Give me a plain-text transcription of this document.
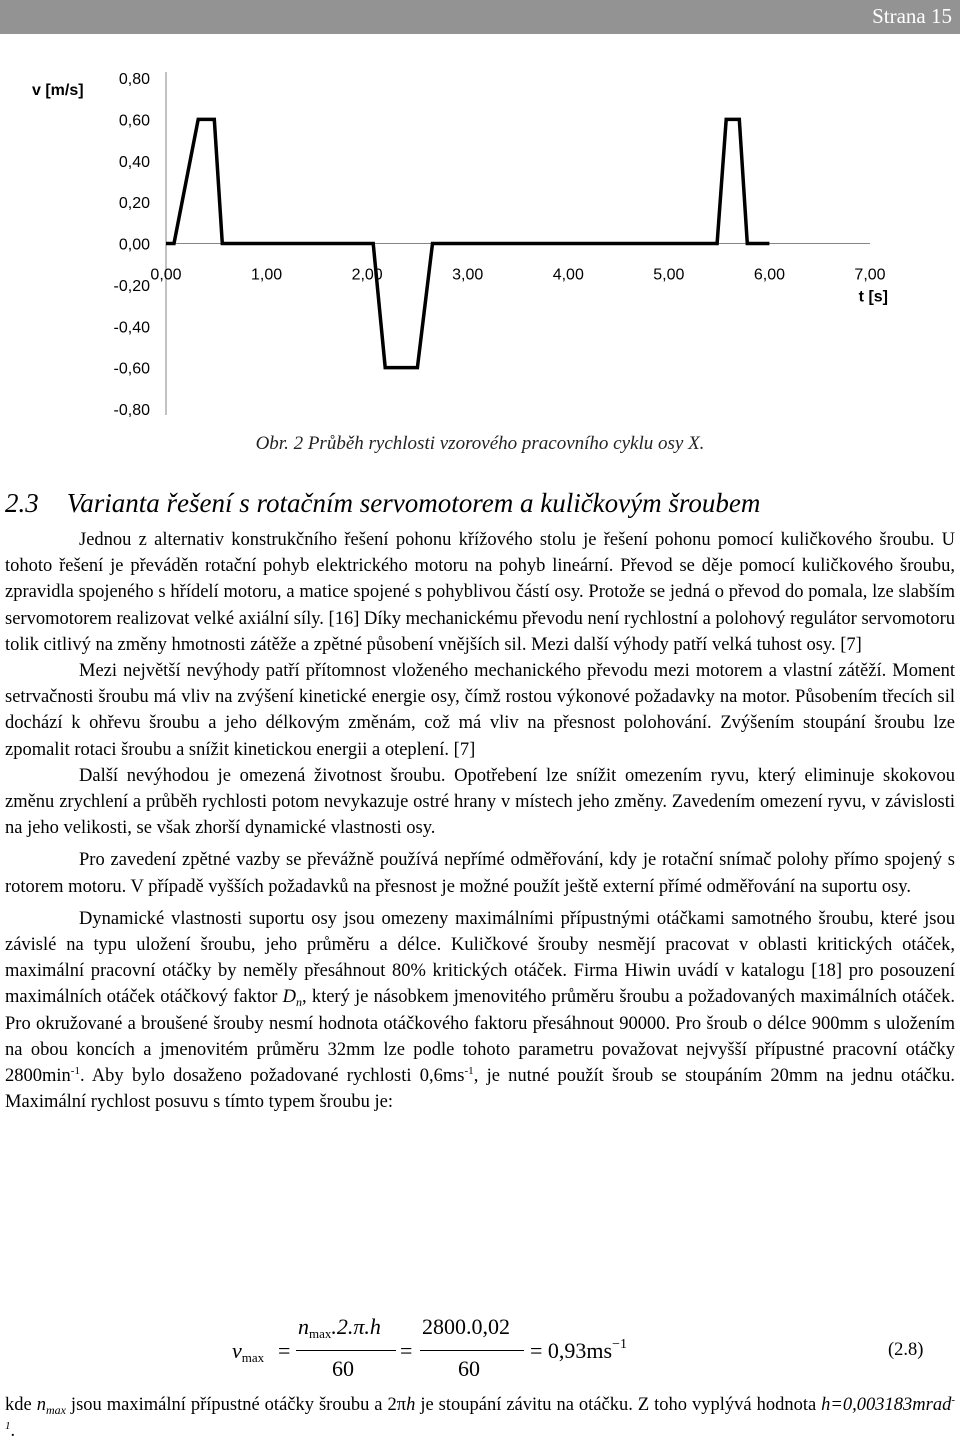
Strana 15
0,80
0,60
0,40
0,20
0,00
-0,20
-0,40
-0,60
-0,80
0,00	1,00	2,00	3,00	4,00	5,00	6,00	7,00
v [m/s]
t [s]
Obr. 2 Průběh rychlosti vzorového pracovního cyklu osy X.
2.3 Varianta řešení s rotačním servomotorem a kuličkovým šroubem

Jednou z alternativ konstrukčního řešení pohonu křížového stolu je řešení pohonu pomocí kuličkového šroubu. U tohoto řešení je převáděn rotační pohyb elektrického motoru na pohyb lineární. Převod se děje pomocí kuličkového šroubu, zpravidla spojeného s hřídelí motoru, a matice spojené s pohyblivou částí osy. Protože se jedná o převod do pomala, lze slabším servomotorem realizovat velké axiální síly. [16] Díky mechanickému převodu není rychlostní a polohový regulátor servomotoru tolik citlivý na změny hmotnosti zátěže a zpětné působení vnějších sil. Mezi další výhody patří velká tuhost osy. [7]

Mezi největší nevýhody patří přítomnost vloženého mechanického převodu mezi motorem a vlastní zátěží. Moment setrvačnosti šroubu má vliv na zvýšení kinetické energie osy, čímž rostou výkonové požadavky na motor. Působením třecích sil dochází k ohřevu šroubu a jeho délkovým změnám, což má vliv na přesnost polohování. Zvýšením stoupání šroubu lze zpomalit rotaci šroubu a snížit kinetickou energii a oteplení. [7]

Další nevýhodou je omezená životnost šroubu. Opotřebení lze snížit omezením ryvu, který eliminuje skokovou změnu zrychlení a průběh rychlosti potom nevykazuje ostré hrany v místech jeho změny. Zavedením omezení ryvu, v závislosti na jeho velikosti, se však zhorší dynamické vlastnosti osy.

Pro zavedení zpětné vazby se převážně používá nepřímé odměřování, kdy je rotační snímač polohy přímo spojený s rotorem motoru. V případě vyšších požadavků na přesnost je možné použít ještě externí přímé odměřování na suportu osy.

Dynamické vlastnosti suportu osy jsou omezeny maximálními přípustnými otáčkami samotného šroubu, které jsou závislé na typu uložení šroubu, jeho průměru a délce. Kuličkové šrouby nesmějí pracovat v oblasti kritických otáček, maximální pracovní otáčky by neměly přesáhnout 80% kritických otáček. Firma Hiwin uvádí v katalogu [18] pro posouzení maximálních otáček otáčkový faktor $D_n$, který je násobkem jmenovitého průměru šroubu a požadovaných maximálních otáček. Pro okružované a broušené šrouby nesmí hodnota otáčkového faktoru přesáhnout 90000. Pro šroub o délce 900mm s uložením na obou koncích a jmenovitém průměru 32mm lze podle tohoto parametru považovat nejvyšší přípustné pracovní otáčky $2800\min^{-1}$. Aby bylo dosaženo požadované rychlosti $0,6ms^{-1}$, je nutné použít šroub se stoupáním 20mm na jednu otáčku. Maximální rychlost posuvu s tímto typem šroubu je:

$v_{max}$ =
$n_{max}.2.\pi.h$
60
=
2800.0,02
60
= $0,93ms^{-1}$	(2.8)

kde $n_{max}$ jsou maximální přípustné otáčky šroubu a 2πh je stoupání závitu na otáčku. Z toho vyplývá hodnota h=0,003183mrad$^{-1}$.
